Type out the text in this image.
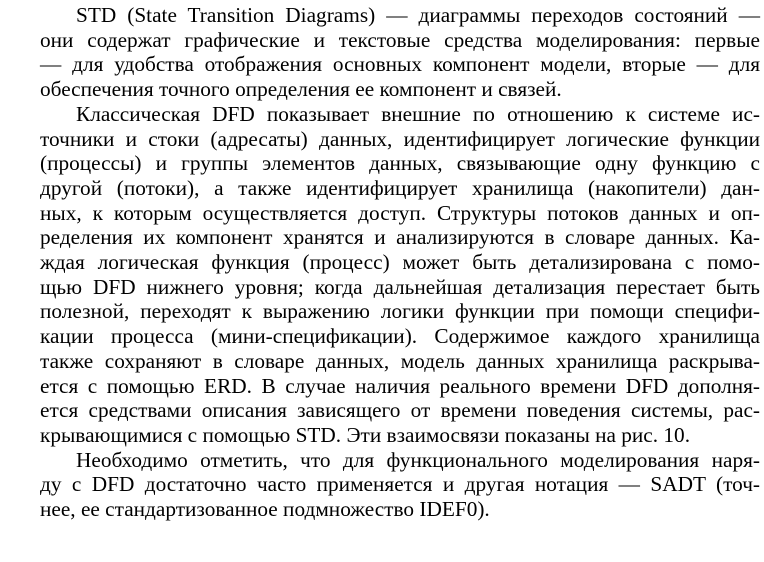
STD (State Transition Diagrams) — диаграммы переходов состояний —
они содержат графические и текстовые средства моделирования: первые
— для удобства отображения основных компонент модели, вторые — для
обеспечения точного определения ее компонент и связей.
Классическая DFD показывает внешние по отношению к системе ис-
точники и стоки (адресаты) данных, идентифицирует логические функции
(процессы) и группы элементов данных, связывающие одну функцию с
другой (потоки), а также идентифицирует хранилища (накопители) дан-
ных, к которым осуществляется доступ. Структуры потоков данных и оп-
ределения их компонент хранятся и анализируются в словаре данных. Ка-
ждая логическая функция (процесс) может быть детализирована с помо-
щью DFD нижнего уровня; когда дальнейшая детализация перестает быть
полезной, переходят к выражению логики функции при помощи специфи-
кации процесса (мини-спецификации). Содержимое каждого хранилища
также сохраняют в словаре данных, модель данных хранилища раскрыва-
ется с помощью ERD. В случае наличия реального времени DFD дополня-
ется средствами описания зависящего от времени поведения системы, рас-
крывающимися с помощью STD. Эти взаимосвязи показаны на рис. 10.
Необходимо отметить, что для функционального моделирования наря-
ду с DFD достаточно часто применяется и другая нотация — SADT (точ-
нее, ее стандартизованное подмножество IDEF0).
